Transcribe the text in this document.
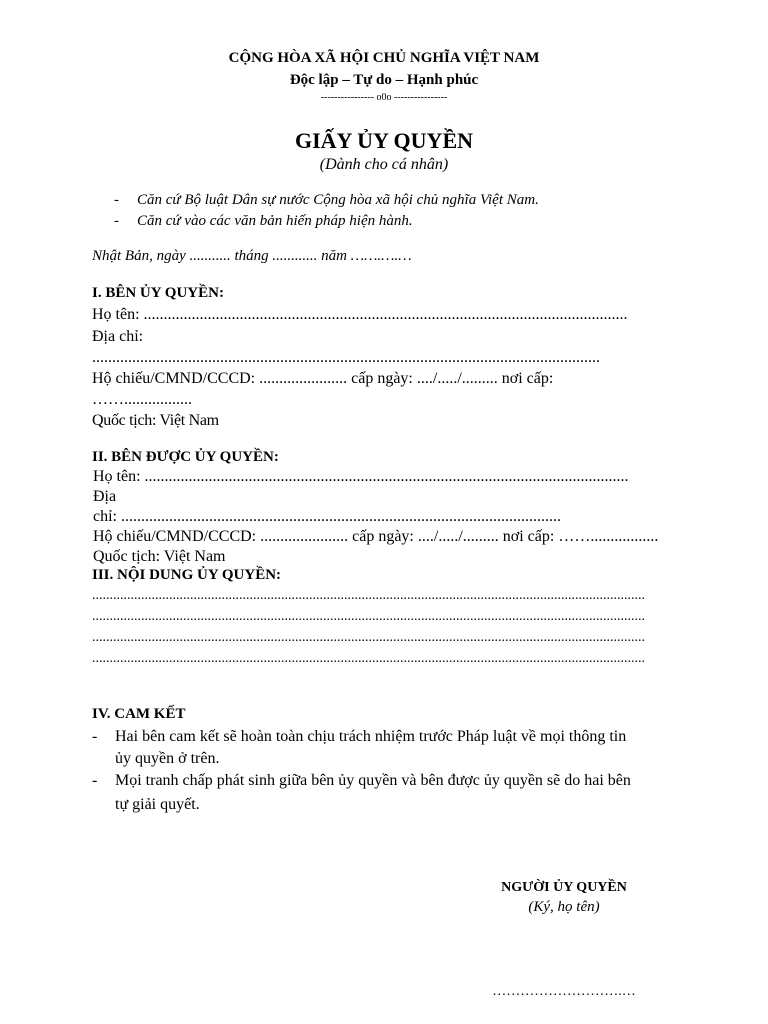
CỘNG HÒA XÃ HỘI CHỦ NGHĨA VIỆT NAM
Độc lập – Tự do – Hạnh phúc
---------------- o0o ----------------
GIẤY ỦY QUYỀN
(Dành cho cá nhân)
- Căn cứ Bộ luật Dân sự nước Cộng hòa xã hội chủ nghĩa Việt Nam.
- Căn cứ vào các văn bản hiến pháp hiện hành.
Nhật Bản, ngày ........... tháng ............ năm …….….…
I. BÊN ỦY QUYỀN:
Họ tên: .........................................................................................................................
Địa chỉ:
...............................................................................................................................
Hộ chiếu/CMND/CCCD: ...................... cấp ngày: ..../...../......... nơi cấp:
…….................
Quốc tịch: Việt Nam
II. BÊN ĐƯỢC ỦY QUYỀN:
Họ tên: .........................................................................................................................
Địa
chỉ: ..............................................................................................................
Hộ chiếu/CMND/CCCD: ...................... cấp ngày: ..../...../......... nơi cấp: …….................
Quốc tịch: Việt Nam
III. NỘI DUNG ỦY QUYỀN:
..............................................................................................................................................................
..............................................................................................................................................................
..............................................................................................................................................................
..............................................................................................................................................................
IV. CAM KẾT
- Hai bên cam kết sẽ hoàn toàn chịu trách nhiệm trước Pháp luật về mọi thông tin
ủy quyền ở trên.
- Mọi tranh chấp phát sinh giữa bên ủy quyền và bên được ủy quyền sẽ do hai bên
tự giải quyết.
NGƯỜI ỦY QUYỀN
(Ký, họ tên)
……………………….…
